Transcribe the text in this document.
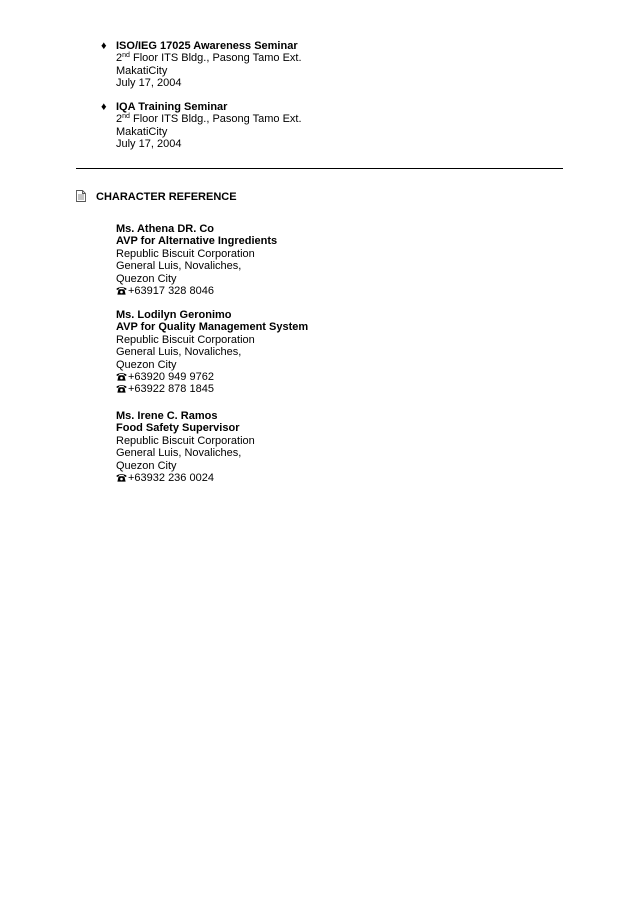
♦ ISO/IEG 17025 Awareness Seminar
2nd Floor ITS Bldg., Pasong Tamo Ext.
MakatiCity
July 17, 2004
♦ IQA Training Seminar
2nd Floor ITS Bldg., Pasong Tamo Ext.
MakatiCity
July 17, 2004
CHARACTER REFERENCE
Ms. Athena DR. Co
AVP for Alternative Ingredients
Republic Biscuit Corporation
General Luis, Novaliches,
Quezon City
+63917 328 8046
Ms. Lodilyn Geronimo
AVP for Quality Management System
Republic Biscuit Corporation
General Luis, Novaliches,
Quezon City
+63920 949 9762
+63922 878 1845
Ms. Irene C. Ramos
Food Safety Supervisor
Republic Biscuit Corporation
General Luis, Novaliches,
Quezon City
+63932 236 0024
